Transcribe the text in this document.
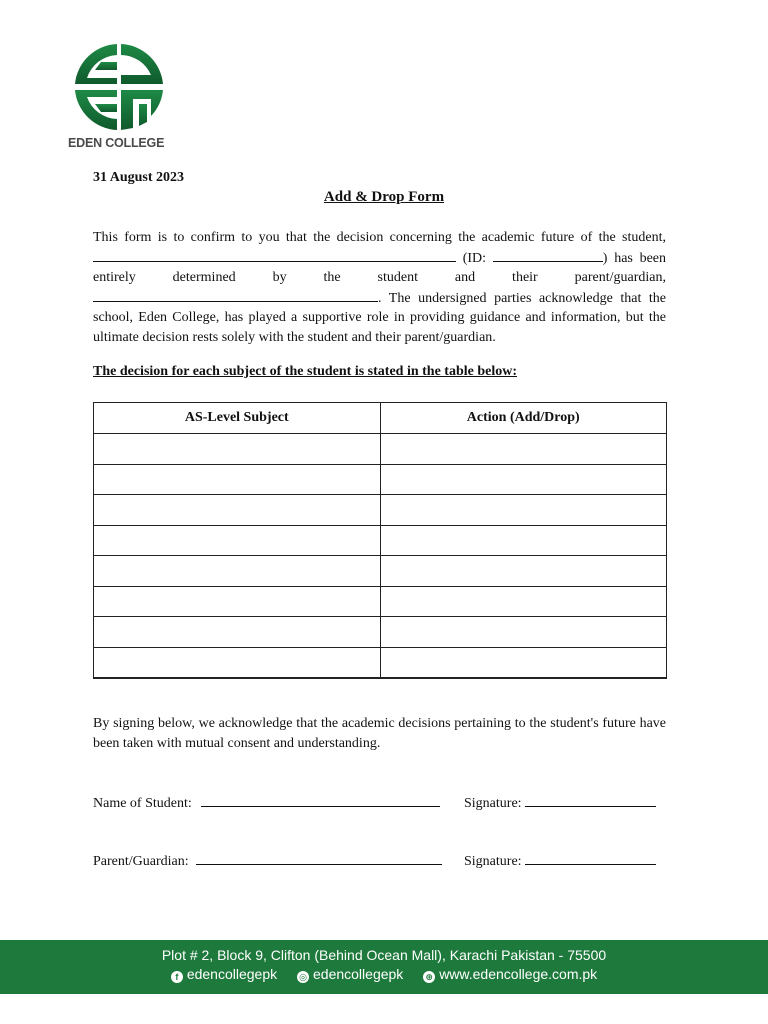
EDEN COLLEGE
31 August 2023
Add & Drop Form
This form is to confirm to you that the decision concerning the academic future of the student,  (ID:	) has been entirely determined by the student and their parent/guardian, . The undersigned parties acknowledge that the school, Eden College, has played a supportive role in providing guidance and information, but the ultimate decision rests solely with the student and their parent/guardian.
The decision for each subject of the student is stated in the table below:
AS-Level Subject	Action (Add/Drop)

By signing below, we acknowledge that the academic decisions pertaining to the student's future have been taken with mutual consent and understanding.
Name of Student:	Signature:
Parent/Guardian:	Signature:
Plot # 2, Block 9, Clifton (Behind Ocean Mall), Karachi Pakistan - 75500
f edencollegepk ◎ edencollegepk ⊕ www.edencollege.com.pk
